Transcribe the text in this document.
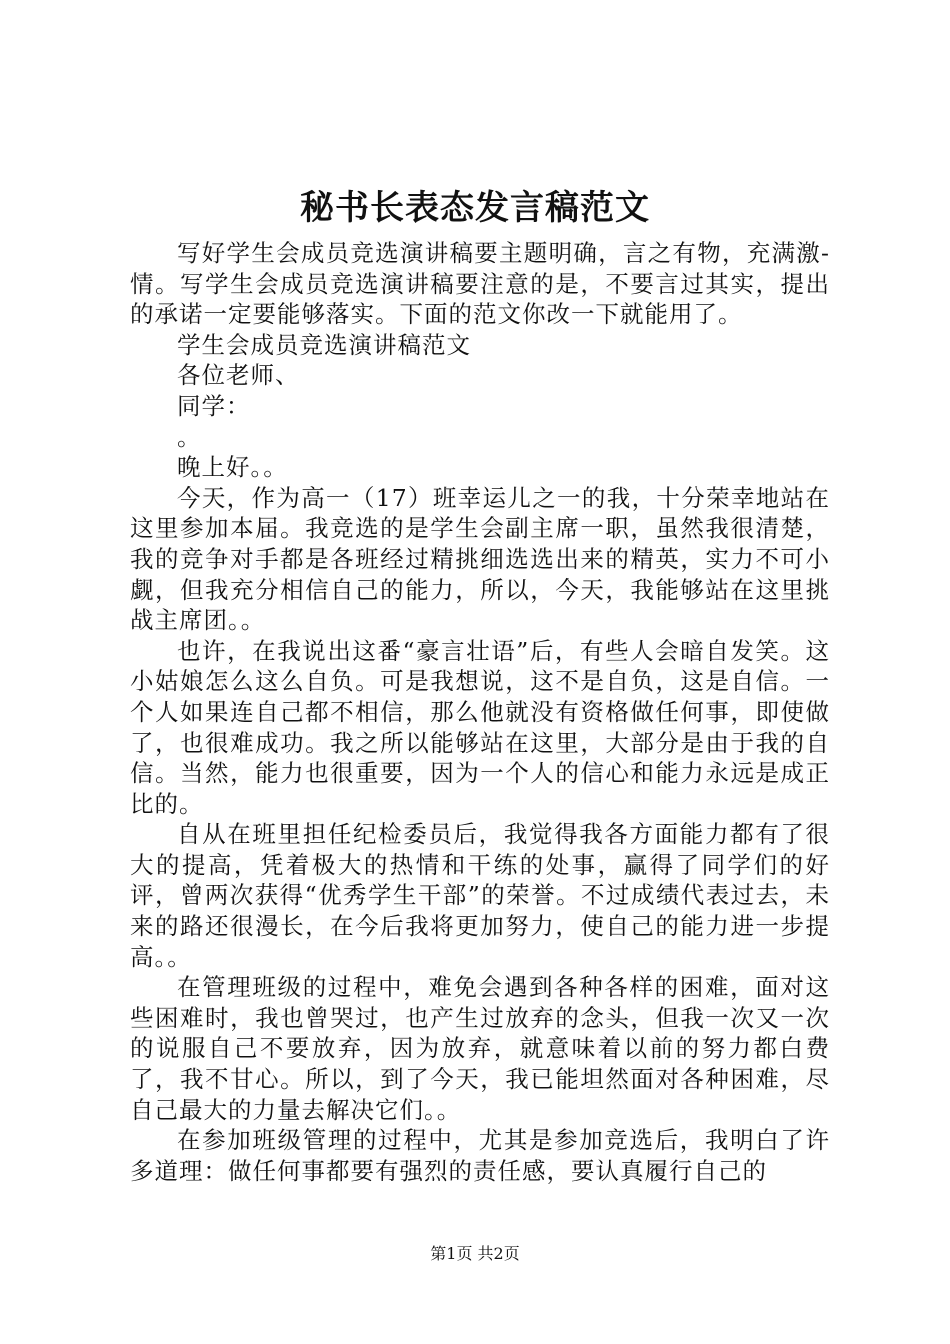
秘书长表态发言稿范文

写好学生会成员竞选演讲稿要主题明确，言之有物，充满激-情。写学生会成员竞选演讲稿要注意的是，不要言过其实，提出的承诺一定要能够落实。下面的范文你改一下就能用了。

学生会成员竞选演讲稿范文

各位老师、

同学：

。

晚上好。。

今天，作为高一（17）班幸运儿之一的我，十分荣幸地站在这里参加本届。我竞选的是学生会副主席一职，虽然我很清楚，我的竞争对手都是各班经过精挑细选选出来的精英，实力不可小觑，但我充分相信自己的能力，所以，今天，我能够站在这里挑战主席团。。

也许，在我说出这番“豪言壮语”后，有些人会暗自发笑。这小姑娘怎么这么自负。可是我想说，这不是自负，这是自信。一个人如果连自己都不相信，那么他就没有资格做任何事，即使做了，也很难成功。我之所以能够站在这里，大部分是由于我的自信。当然，能力也很重要，因为一个人的信心和能力永远是成正比的。

自从在班里担任纪检委员后，我觉得我各方面能力都有了很大的提高，凭着极大的热情和干练的处事，赢得了同学们的好评，曾两次获得“优秀学生干部”的荣誉。不过成绩代表过去，未来的路还很漫长，在今后我将更加努力，使自己的能力进一步提高。。

在管理班级的过程中，难免会遇到各种各样的困难，面对这些困难时，我也曾哭过，也产生过放弃的念头，但我一次又一次的说服自己不要放弃，因为放弃，就意味着以前的努力都白费了，我不甘心。所以，到了今天，我已能坦然面对各种困难，尽自己最大的力量去解决它们。。

在参加班级管理的过程中，尤其是参加竞选后，我明白了许多道理：做任何事都要有强烈的责任感，要认真履行自己的

第1页 共2页
